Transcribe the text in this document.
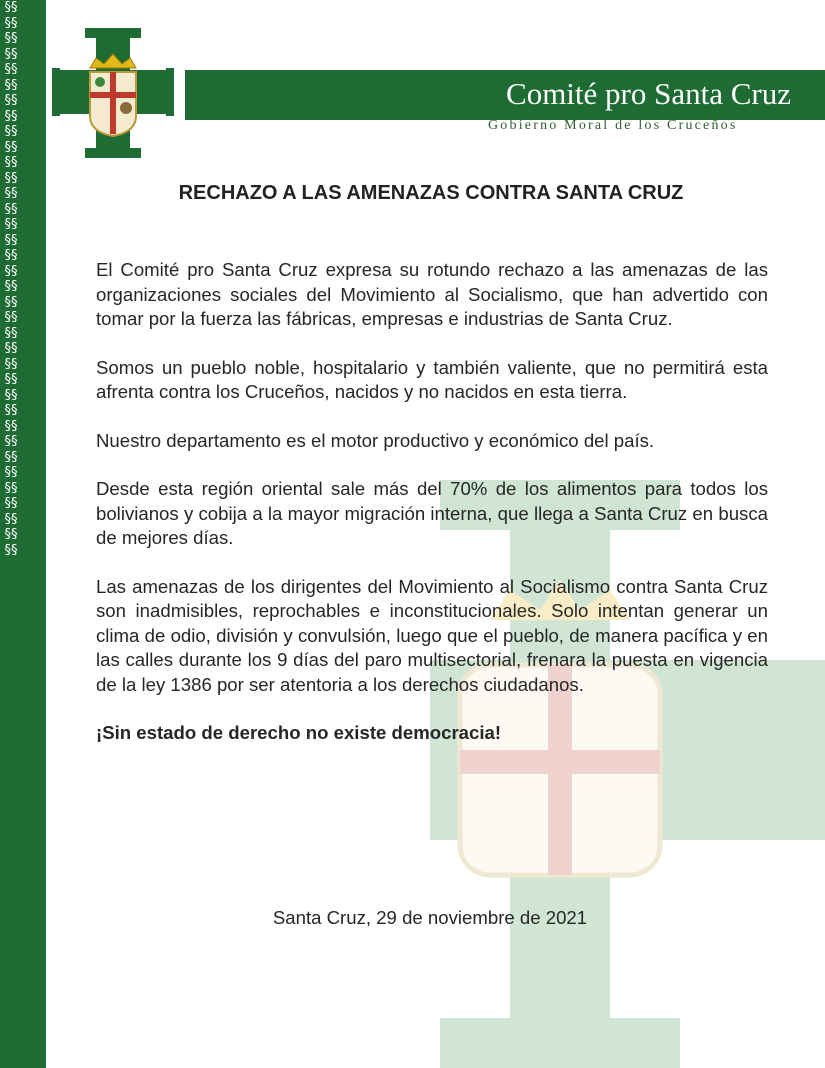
§§§§§§§§§§§§§§§§§§§§§§§§§§§§§§§§§§§§§§§§§§§§§§§§§§§§§§§§§§§§§§§§§§§§§§§§
Comité pro Santa Cruz
Gobierno Moral de los Cruceños
RECHAZO A LAS AMENAZAS CONTRA SANTA CRUZ

El Comité pro Santa Cruz expresa su rotundo rechazo a las amenazas de las organizaciones sociales del Movimiento al Socialismo, que han advertido con tomar por la fuerza las fábricas, empresas e industrias de Santa Cruz.

Somos un pueblo noble, hospitalario y también valiente, que no permitirá esta afrenta contra los Cruceños, nacidos y no nacidos en esta tierra.

Nuestro departamento es el motor productivo y económico del país.

Desde esta región oriental sale más del 70% de los alimentos para todos los bolivianos y cobija a la mayor migración interna, que llega a Santa Cruz en busca de mejores días.

Las amenazas de los dirigentes del Movimiento al Socialismo contra Santa Cruz son inadmisibles, reprochables e inconstitucionales. Solo intentan generar un clima de odio, división y convulsión, luego que el pueblo, de manera pacífica y en las calles durante los 9 días del paro multisectorial, frenara la puesta en vigencia de la ley 1386 por ser atentoria a los derechos ciudadanos.

¡Sin estado de derecho no existe democracia!

Santa Cruz, 29 de noviembre de 2021
